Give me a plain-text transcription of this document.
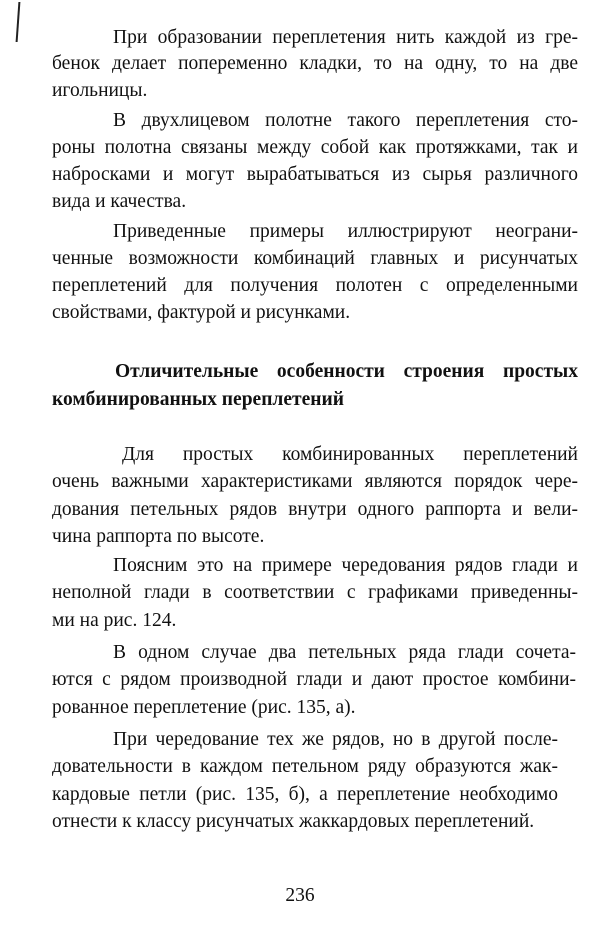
При образовании переплетения нить каждой из гре-
бенок делает попеременно кладки, то на одну, то на две
игольницы.
В двухлицевом полотне такого переплетения сто-
роны полотна связаны между собой как протяжками, так и
набросками и могут вырабатываться из сырья различного
вида и качества.
Приведенные примеры иллюстрируют неограни-
ченные возможности комбинаций главных и рисунчатых
переплетений для получения полотен с определенными
свойствами, фактурой и рисунками.
Отличительные особенности строения простых
комбинированных переплетений
Для простых комбинированных переплетений
очень важными характеристиками являются порядок чере-
дования петельных рядов внутри одного раппорта и вели-
чина раппорта по высоте.
Поясним это на примере чередования рядов глади и
неполной глади в соответствии с графиками приведенны-
ми на рис. 124.
В одном случае два петельных ряда глади сочета-
ются с рядом производной глади и дают простое комбини-
рованное переплетение (рис. 135, а).
При чередование тех же рядов, но в другой после-
довательности в каждом петельном ряду образуются жак-
кардовые петли (рис. 135, б), а переплетение необходимо
отнести к классу рисунчатых жаккардовых переплетений.
236
